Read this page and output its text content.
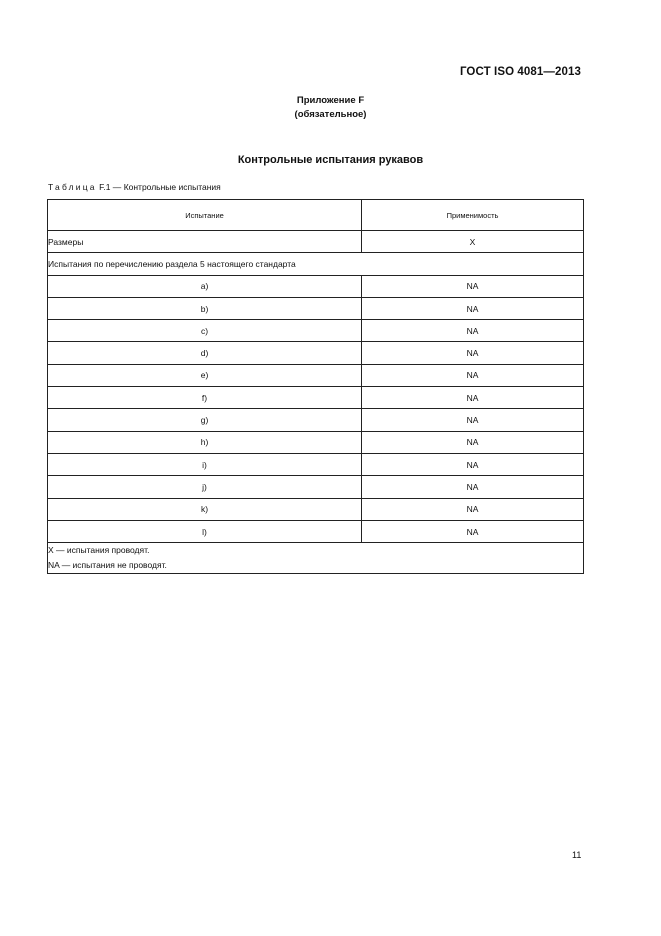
ГОСТ ISO 4081—2013
Приложение F
(обязательное)
Контрольные испытания рукавов
Таблица F.1 — Контрольные испытания
Испытание	Применимость
Размеры	X
Испытания по перечислению раздела 5 настоящего стандарта	
a)	NA
b)	NA
c)	NA
d)	NA
e)	NA
f)	NA
g)	NA
h)	NA
i)	NA
j)	NA
k)	NA
l)	NA

X — испытания проводят.
NA — испытания не проводят.	
11
